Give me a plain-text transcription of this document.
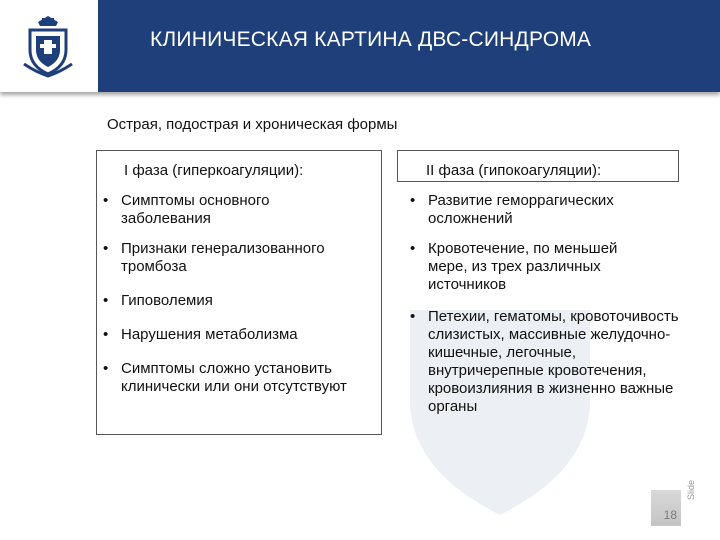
КЛИНИЧЕСКАЯ КАРТИНА ДВС-СИНДРОМА
Острая, подострая и хроническая формы
I фаза (гиперкоагуляции):	II фаза (гипокоагуляции):
• Симптомы основного заболевания
• Признаки генерализованного тромбоза
• Гиповолемия
• Нарушения метаболизма
• Симптомы сложно установить клинически или они отсутствуют
• Развитие геморрагических осложнений
• Кровотечение, по меньшей мере, из трех различных источников
• Петехии, гематомы, кровоточивость слизистых, массивные желудочно-кишечные, легочные, внутричерепные кровотечения, кровоизлияния в жизненно важные органы
18
Slide
